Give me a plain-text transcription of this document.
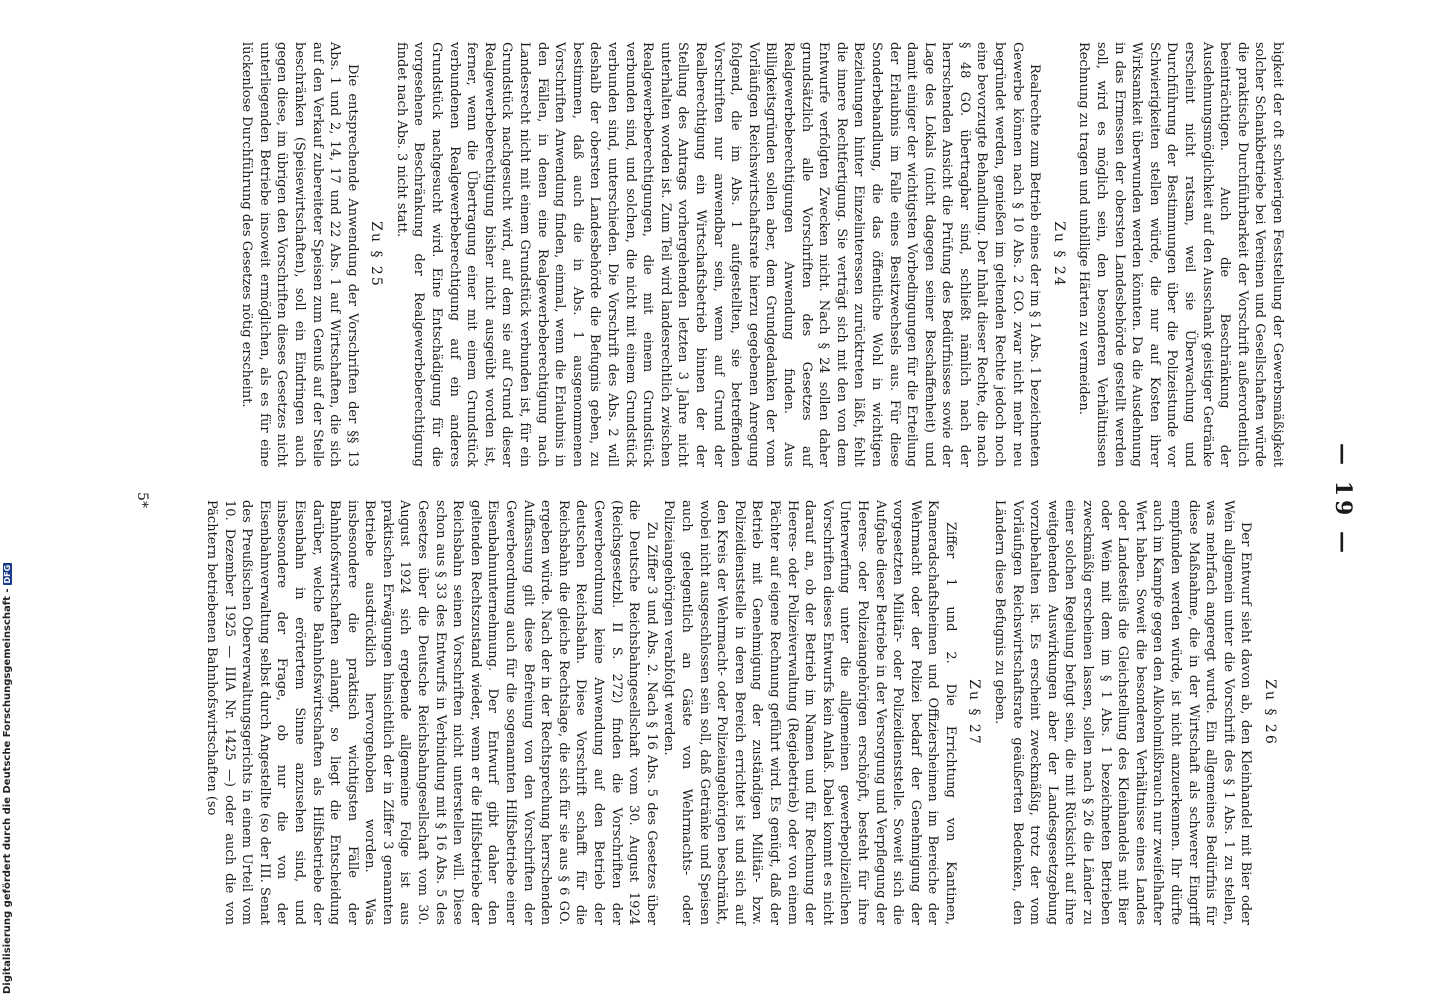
— 19 —

bigkeit der oft schwierigen Feststellung der Gewerbsmäßigkeit solcher Schankbetriebe bei Vereinen und Gesellschaften würde die praktische Durchführbarkeit der Vorschrift außerordentlich beeinträchtigen. Auch die Beschränkung der Ausdehnungsmöglichkeit auf den Ausschank geistiger Getränke erscheint nicht ratsam, weil sie Überwachung und Durchführung der Bestimmungen über die Polizeistunde vor Schwierigkeiten stellen würde, die nur auf Kosten ihrer Wirksamkeit überwunden werden könnten. Da die Ausdehnung in das Ermessen der obersten Landesbehörde gestellt werden soll, wird es möglich sein, den besonderen Verhältnissen Rechnung zu tragen und unbillige Härten zu vermeiden.

Zu § 24

Realrechte zum Betrieb eines der im § 1 Abs. 1 bezeichneten Gewerbe können nach § 10 Abs. 2 GO. zwar nicht mehr neu begründet werden, genießen im geltenden Rechte jedoch noch eine bevorzugte Behandlung. Der Inhalt dieser Rechte, die nach § 48 GO. übertragbar sind, schließt nämlich nach der herrschenden Ansicht die Prüfung des Bedürfnisses sowie der Lage des Lokals (nicht dagegen seiner Beschaffenheit) und damit einiger der wichtigsten Vorbedingungen für die Erteilung der Erlaubnis im Falle eines Besitzwechsels aus. Für diese Sonderbehandlung, die das öffentliche Wohl in wichtigen Beziehungen hinter Einzelinteressen zurücktreten läßt, fehlt die innere Rechtfertigung. Sie verträgt sich mit den von dem Entwurfe verfolgten Zwecken nicht. Nach § 24 sollen daher grundsätzlich alle Vorschriften des Gesetzes auf Realgewerbeberechtigungen Anwendung finden. Aus Billigkeitsgründen sollen aber, dem Grundgedanken der vom Vorläufigen Reichswirtschaftsrate hierzu gegebenen Anregung folgend, die im Abs. 1 aufgestellten, sie betreffenden Vorschriften nur anwendbar sein, wenn auf Grund der Realberechtigung ein Wirtschaftsbetrieb binnen der der Stellung des Antrags vorhergehenden letzten 3 Jahre nicht unterhalten worden ist. Zum Teil wird landesrechtlich zwischen Realgewerbeberechtigungen, die mit einem Grundstück verbunden sind, und solchen, die nicht mit einem Grundstück verbunden sind, unterschieden. Die Vorschrift des Abs. 2 will deshalb der obersten Landesbehörde die Befugnis geben, zu bestimmen, daß auch die in Abs. 1 ausgenommenen Vorschriften Anwendung finden, einmal, wenn die Erlaubnis in den Fällen, in denen eine Realgewerbeberechtigung nach Landesrecht nicht mit einem Grundstück verbunden ist, für ein Grundstück nachgesucht wird, auf dem sie auf Grund dieser Realgewerbeberechtigung bisher nicht ausgeübt worden ist, ferner, wenn die Übertragung einer mit einem Grundstück verbundenen Realgewerbeberechtigung auf ein anderes Grundstück nachgesucht wird. Eine Entschädigung für die vorgesehene Beschränkung der Realgewerbeberechtigung findet nach Abs. 3 nicht statt.

Zu § 25

Die entsprechende Anwendung der Vorschriften der §§ 13 Abs. 1 und 2, 14, 17 und 22 Abs. 1 auf Wirtschaften, die sich auf den Verkauf zubereiteter Speisen zum Genuß auf der Stelle beschränken (Speisewirtschaften), soll ein Eindringen auch gegen diese, im übrigen den Vorschriften dieses Gesetzes nicht unterliegenden Betriebe insoweit ermöglichen, als es für eine lückenlose Durchführung des Gesetzes nötig erscheint.

Zu § 26

Der Entwurf sieht davon ab, den Kleinhandel mit Bier oder Wein allgemein unter die Vorschrift des § 1 Abs. 1 zu stellen, was mehrfach angeregt wurde. Ein allgemeines Bedürfnis für diese Maßnahme, die in der Wirtschaft als schwerer Eingriff empfunden werden würde, ist nicht anzuerkennen. Ihr dürfte auch im Kampfe gegen den Alkoholmißbrauch nur zweifelhafter Wert haben. Soweit die besonderen Verhältnisse eines Landes oder Landesteils die Gleichstellung des Kleinhandels mit Bier oder Wein mit dem im § 1 Abs. 1 bezeichneten Betrieben zweckmäßig erscheinen lassen, sollen nach § 26 die Länder zu einer solchen Regelung befugt sein, die mit Rücksicht auf ihre weitgehenden Auswirkungen aber der Landesgesetzgebung vorzubehalten ist. Es erscheint zweckmäßig, trotz der vom Vorläufigen Reichswirtschaftsrate geäußerten Bedenken, den Ländern diese Befugnis zu geben.

Zu § 27

Ziffer 1 und 2. Die Errichtung von Kantinen, Kameradschaftsheimen und Offiziersheimen im Bereiche der Wehrmacht oder der Polizei bedarf der Genehmigung der vorgesetzten Militär- oder Polizeidienststelle. Soweit sich die Aufgabe dieser Betriebe in der Versorgung und Verpflegung der Heeres- oder Polizeiangehörigen erschöpft, besteht für ihre Unterwerfung unter die allgemeinen gewerbepolizeilichen Vorschriften dieses Entwurfs kein Anlaß. Dabei kommt es nicht darauf an, ob der Betrieb im Namen und für Rechnung der Heeres- oder Polizeiverwaltung (Regiebetrieb) oder von einem Pächter auf eigene Rechnung geführt wird. Es genügt, daß der Betrieb mit Genehmigung der zuständigen Militär- bzw. Polizeidienststelle in deren Bereich errichtet ist und sich auf den Kreis der Wehrmacht- oder Polizeiangehörigen beschränkt, wobei nicht ausgeschlossen sein soll, daß Getränke und Speisen auch gelegentlich an Gäste von Wehrmachts- oder Polizeiangehörigen verabfolgt werden.

Zu Ziffer 3 und Abs. 2. Nach § 16 Abs. 5 des Gesetzes über die Deutsche Reichsbahngesellschaft vom 30. August 1924 (Reichsgesetzbl. II S. 272) finden die Vorschriften der Gewerbeordnung keine Anwendung auf den Betrieb der deutschen Reichsbahn. Diese Vorschrift schafft für die Reichsbahn die gleiche Rechtslage, die sich für sie aus § 6 GO. ergeben würde. Nach der in der Rechtsprechung herrschenden Auffassung gilt diese Befreiung von den Vorschriften der Gewerbeordnung auch für die sogenannten Hilfsbetriebe einer Eisenbahnunternehmung. Der Entwurf gibt daher den geltenden Rechtszustand wieder, wenn er die Hilfsbetriebe der Reichsbahn seinen Vorschriften nicht unterstellen will. Diese schon aus § 33 des Entwurfs in Verbindung mit § 16 Abs. 5 des Gesetzes über die Deutsche Reichsbahngesellschaft vom 30. August 1924 sich ergebende allgemeine Folge ist aus praktischen Erwägungen hinsichtlich der in Ziffer 3 genannten Betriebe ausdrücklich hervorgehoben worden. Was insbesondere die praktisch wichtigsten Fälle der Bahnhofswirtschaften anlangt, so liegt die Entscheidung darüber, welche Bahnhofswirtschaften als Hilfsbetriebe der Eisenbahn in erörtertem Sinne anzusehen sind, und insbesondere der Frage, ob nur die von der Eisenbahnverwaltung selbst durch Angestellte (so der III. Senat des Preußischen Oberverwaltungsgerichts in einem Urteil vom 10. Dezember 1925 — IIIA Nr. 1425 —) oder auch die von Pächtern betriebenen Bahnhofswirtschaften (so

5*
Digitalisierung gefördert durch die Deutsche Forschungsgemeinschaft -DFG
